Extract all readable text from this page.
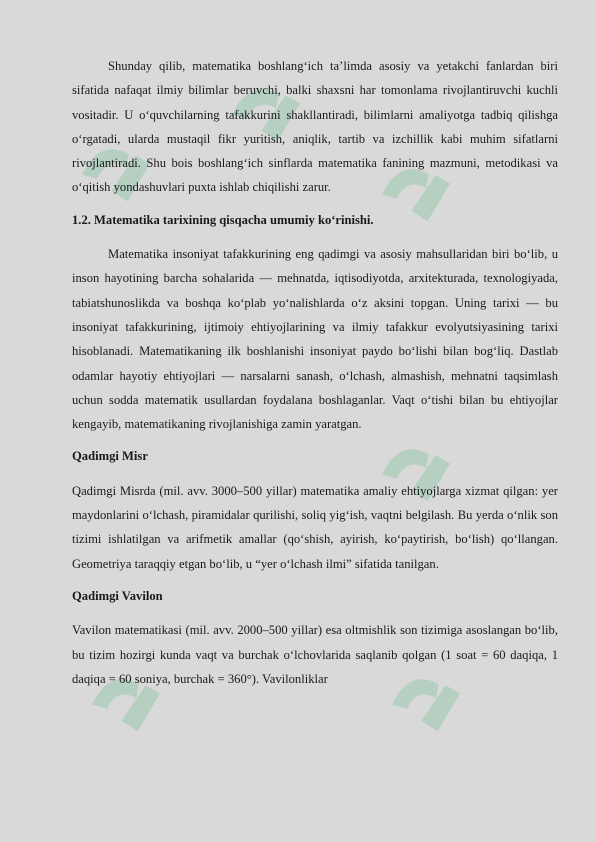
Shunday qilib, matematika boshlang‘ich ta’limda asosiy va yetakchi fanlardan biri sifatida nafaqat ilmiy bilimlar beruvchi, balki shaxsni har tomonlama rivojlantiruvchi kuchli vositadir. U o‘quvchilarning tafakkurini shakllantiradi, bilimlarni amaliyotga tadbiq qilishga o‘rgatadi, ularda mustaqil fikr yuritish, aniqlik, tartib va izchillik kabi muhim sifatlarni rivojlantiradi. Shu bois boshlang‘ich sinflarda matematika fanining mazmuni, metodikasi va o‘qitish yondashuvlari puxta ishlab chiqilishi zarur.

1.2. Matematika tarixining qisqacha umumiy ko‘rinishi.

Matematika insoniyat tafakkurining eng qadimgi va asosiy mahsullaridan biri bo‘lib, u inson hayotining barcha sohalarida — mehnatda, iqtisodiyotda, arxitekturada, texnologiyada, tabiatshunoslikda va boshqa ko‘plab yo‘nalishlarda o‘z aksini topgan. Uning tarixi — bu insoniyat tafakkurining, ijtimoiy ehtiyojlarining va ilmiy tafakkur evolyutsiyasining tarixi hisoblanadi. Matematikaning ilk boshlanishi insoniyat paydo bo‘lishi bilan bog‘liq. Dastlab odamlar hayotiy ehtiyojlari — narsalarni sanash, o‘lchash, almashish, mehnatni taqsimlash uchun sodda matematik usullardan foydalana boshlaganlar. Vaqt o‘tishi bilan bu ehtiyojlar kengayib, matematikaning rivojlanishiga zamin yaratgan.

Qadimgi Misr

Qadimgi Misrda (mil. avv. 3000–500 yillar) matematika amaliy ehtiyojlarga xizmat qilgan: yer maydonlarini o‘lchash, piramidalar qurilishi, soliq yig‘ish, vaqtni belgilash. Bu yerda o‘nlik son tizimi ishlatilgan va arifmetik amallar (qo‘shish, ayirish, ko‘paytirish, bo‘lish) qo‘llangan. Geometriya taraqqiy etgan bo‘lib, u “yer o‘lchash ilmi” sifatida tanilgan.

Qadimgi Vavilon

Vavilon matematikasi (mil. avv. 2000–500 yillar) esa oltmishlik son tizimiga asoslangan bo‘lib, bu tizim hozirgi kunda vaqt va burchak o‘lchovlarida saqlanib qolgan (1 soat = 60 daqiqa, 1 daqiqa = 60 soniya, burchak = 360°). Vavilonliklar
